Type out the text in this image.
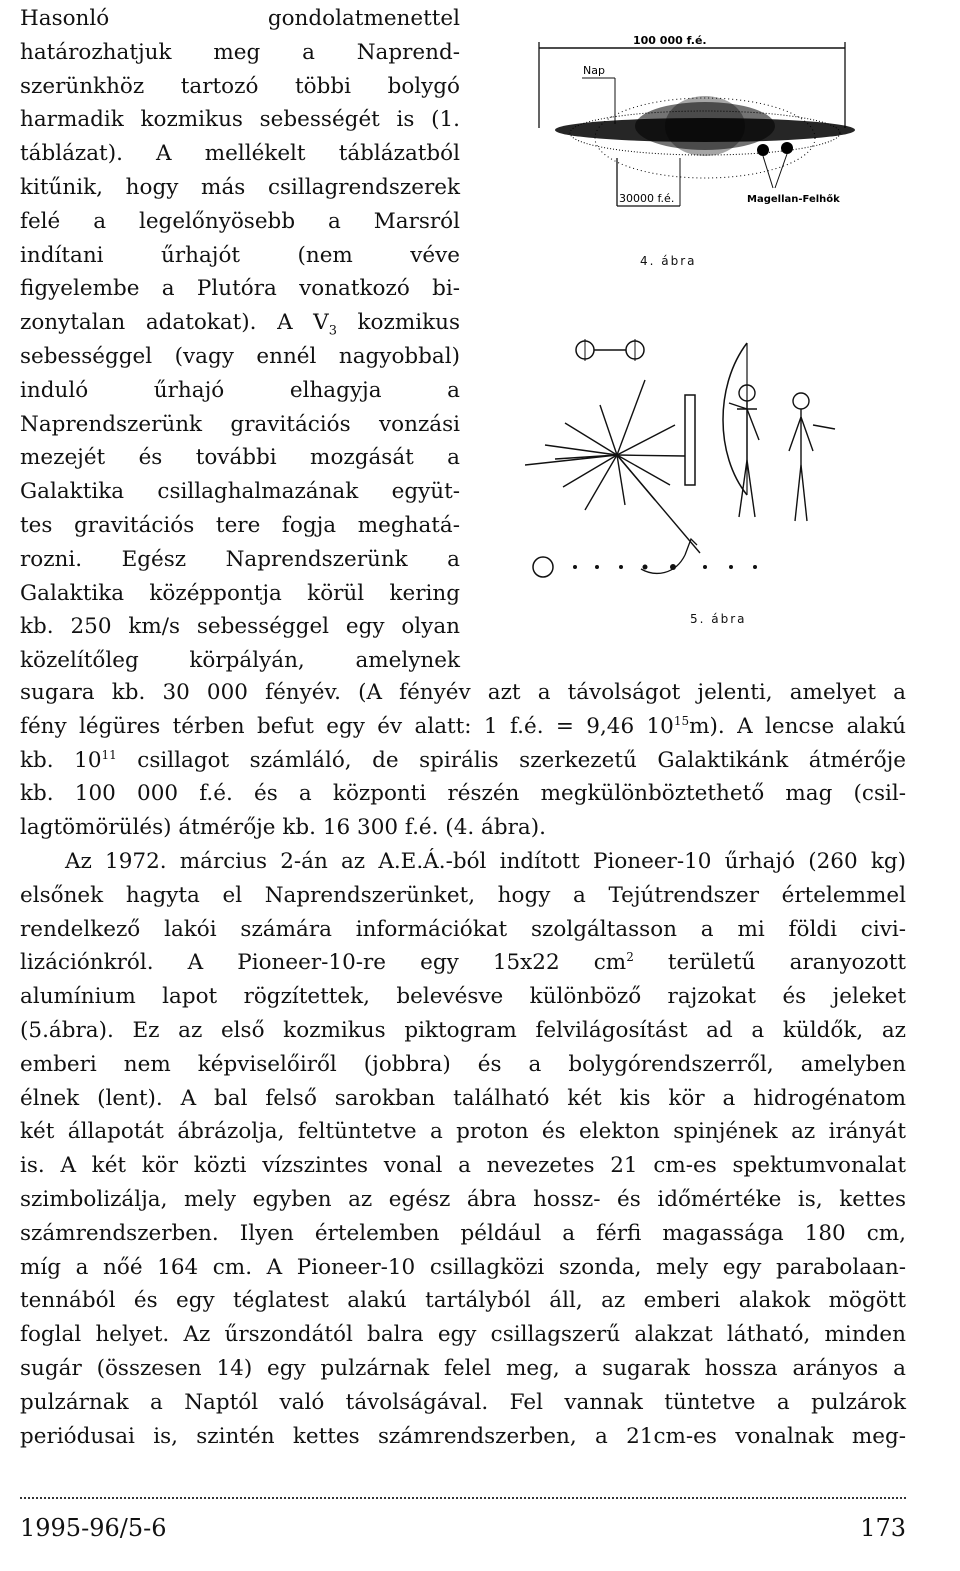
Hasonló gondolatmenettel
határozhatjuk meg a Naprend-
szerünkhöz tartozó többi bolygó
harmadik kozmikus sebességét is (1.
táblázat). A mellékelt táblázatból
kitűnik, hogy más csillagrendszerek
felé a legelőnyösebb a Marsról
indítani űrhajót (nem véve
figyelembe a Plutóra vonatkozó bi-
zonytalan adatokat). A $V_3$ kozmikus
sebességgel (vagy ennél nagyobbal)
induló űrhajó elhagyja a
Naprendszerünk gravitációs vonzási
mezejét és további mozgását a
Galaktika csillaghalmazának együt-
tes gravitációs tere fogja meghatá-
rozni. Egész Naprendszerünk a
Galaktika középpontja körül kering
kb. 250 km/s sebességgel egy olyan
közelítőleg körpályán, amelynek
100 000 f.é.
Nap
30000 f.é.	Magellan-Felhők
4. ábra
5. ábra
sugara kb. 30 000 fényév. (A fényév azt a távolságot jelenti, amelyet a
fény légüres térben befut egy év alatt: 1 f.é. = 9,46 $10^{15}m$). A lencse alakú
kb. $10^{11}$ csillagot számláló, de spirális szerkezetű Galaktikánk átmérője
kb. 100 000 f.é. és a központi részén megkülönböztethető mag (csil-
lagtömörülés) átmérője kb. 16 300 f.é. (4. ábra).
Az 1972. március 2-án az A.E.Á.-ból indított Pioneer-10 űrhajó (260 kg)
elsőnek hagyta el Naprendszerünket, hogy a Tejútrendszer értelemmel
rendelkező lakói számára információkat szolgáltasson a mi földi civi-
lizációnkról. A Pioneer-10-re egy 15x22 $cm^2$ területű aranyozott
alumínium lapot rögzítettek, belevésve különböző rajzokat és jeleket
(5.ábra). Ez az első kozmikus piktogram felvilágosítást ad a küldők, az
emberi nem képviselőiről (jobbra) és a bolygórendszerről, amelyben
élnek (lent). A bal felső sarokban található két kis kör a hidrogénatom
két állapotát ábrázolja, feltüntetve a proton és elekton spinjének az irányát
is. A két kör közti vízszintes vonal a nevezetes 21 cm-es spektumvonalat
szimbolizálja, mely egyben az egész ábra hossz- és időmértéke is, kettes
számrendszerben. Ilyen értelemben például a férfi magassága 180 cm,
míg a nőé 164 cm. A Pioneer-10 csillagközi szonda, mely egy parabolaan-
tennából és egy téglatest alakú tartályból áll, az emberi alakok mögött
foglal helyet. Az űrszondától balra egy csillagszerű alakzat látható, minden
sugár (összesen 14) egy pulzárnak felel meg, a sugarak hossza arányos a
pulzárnak a Naptól való távolságával. Fel vannak tüntetve a pulzárok
periódusai is, szintén kettes számrendszerben, a 21cm-es vonalnak meg-
1995-96/5-6	173
